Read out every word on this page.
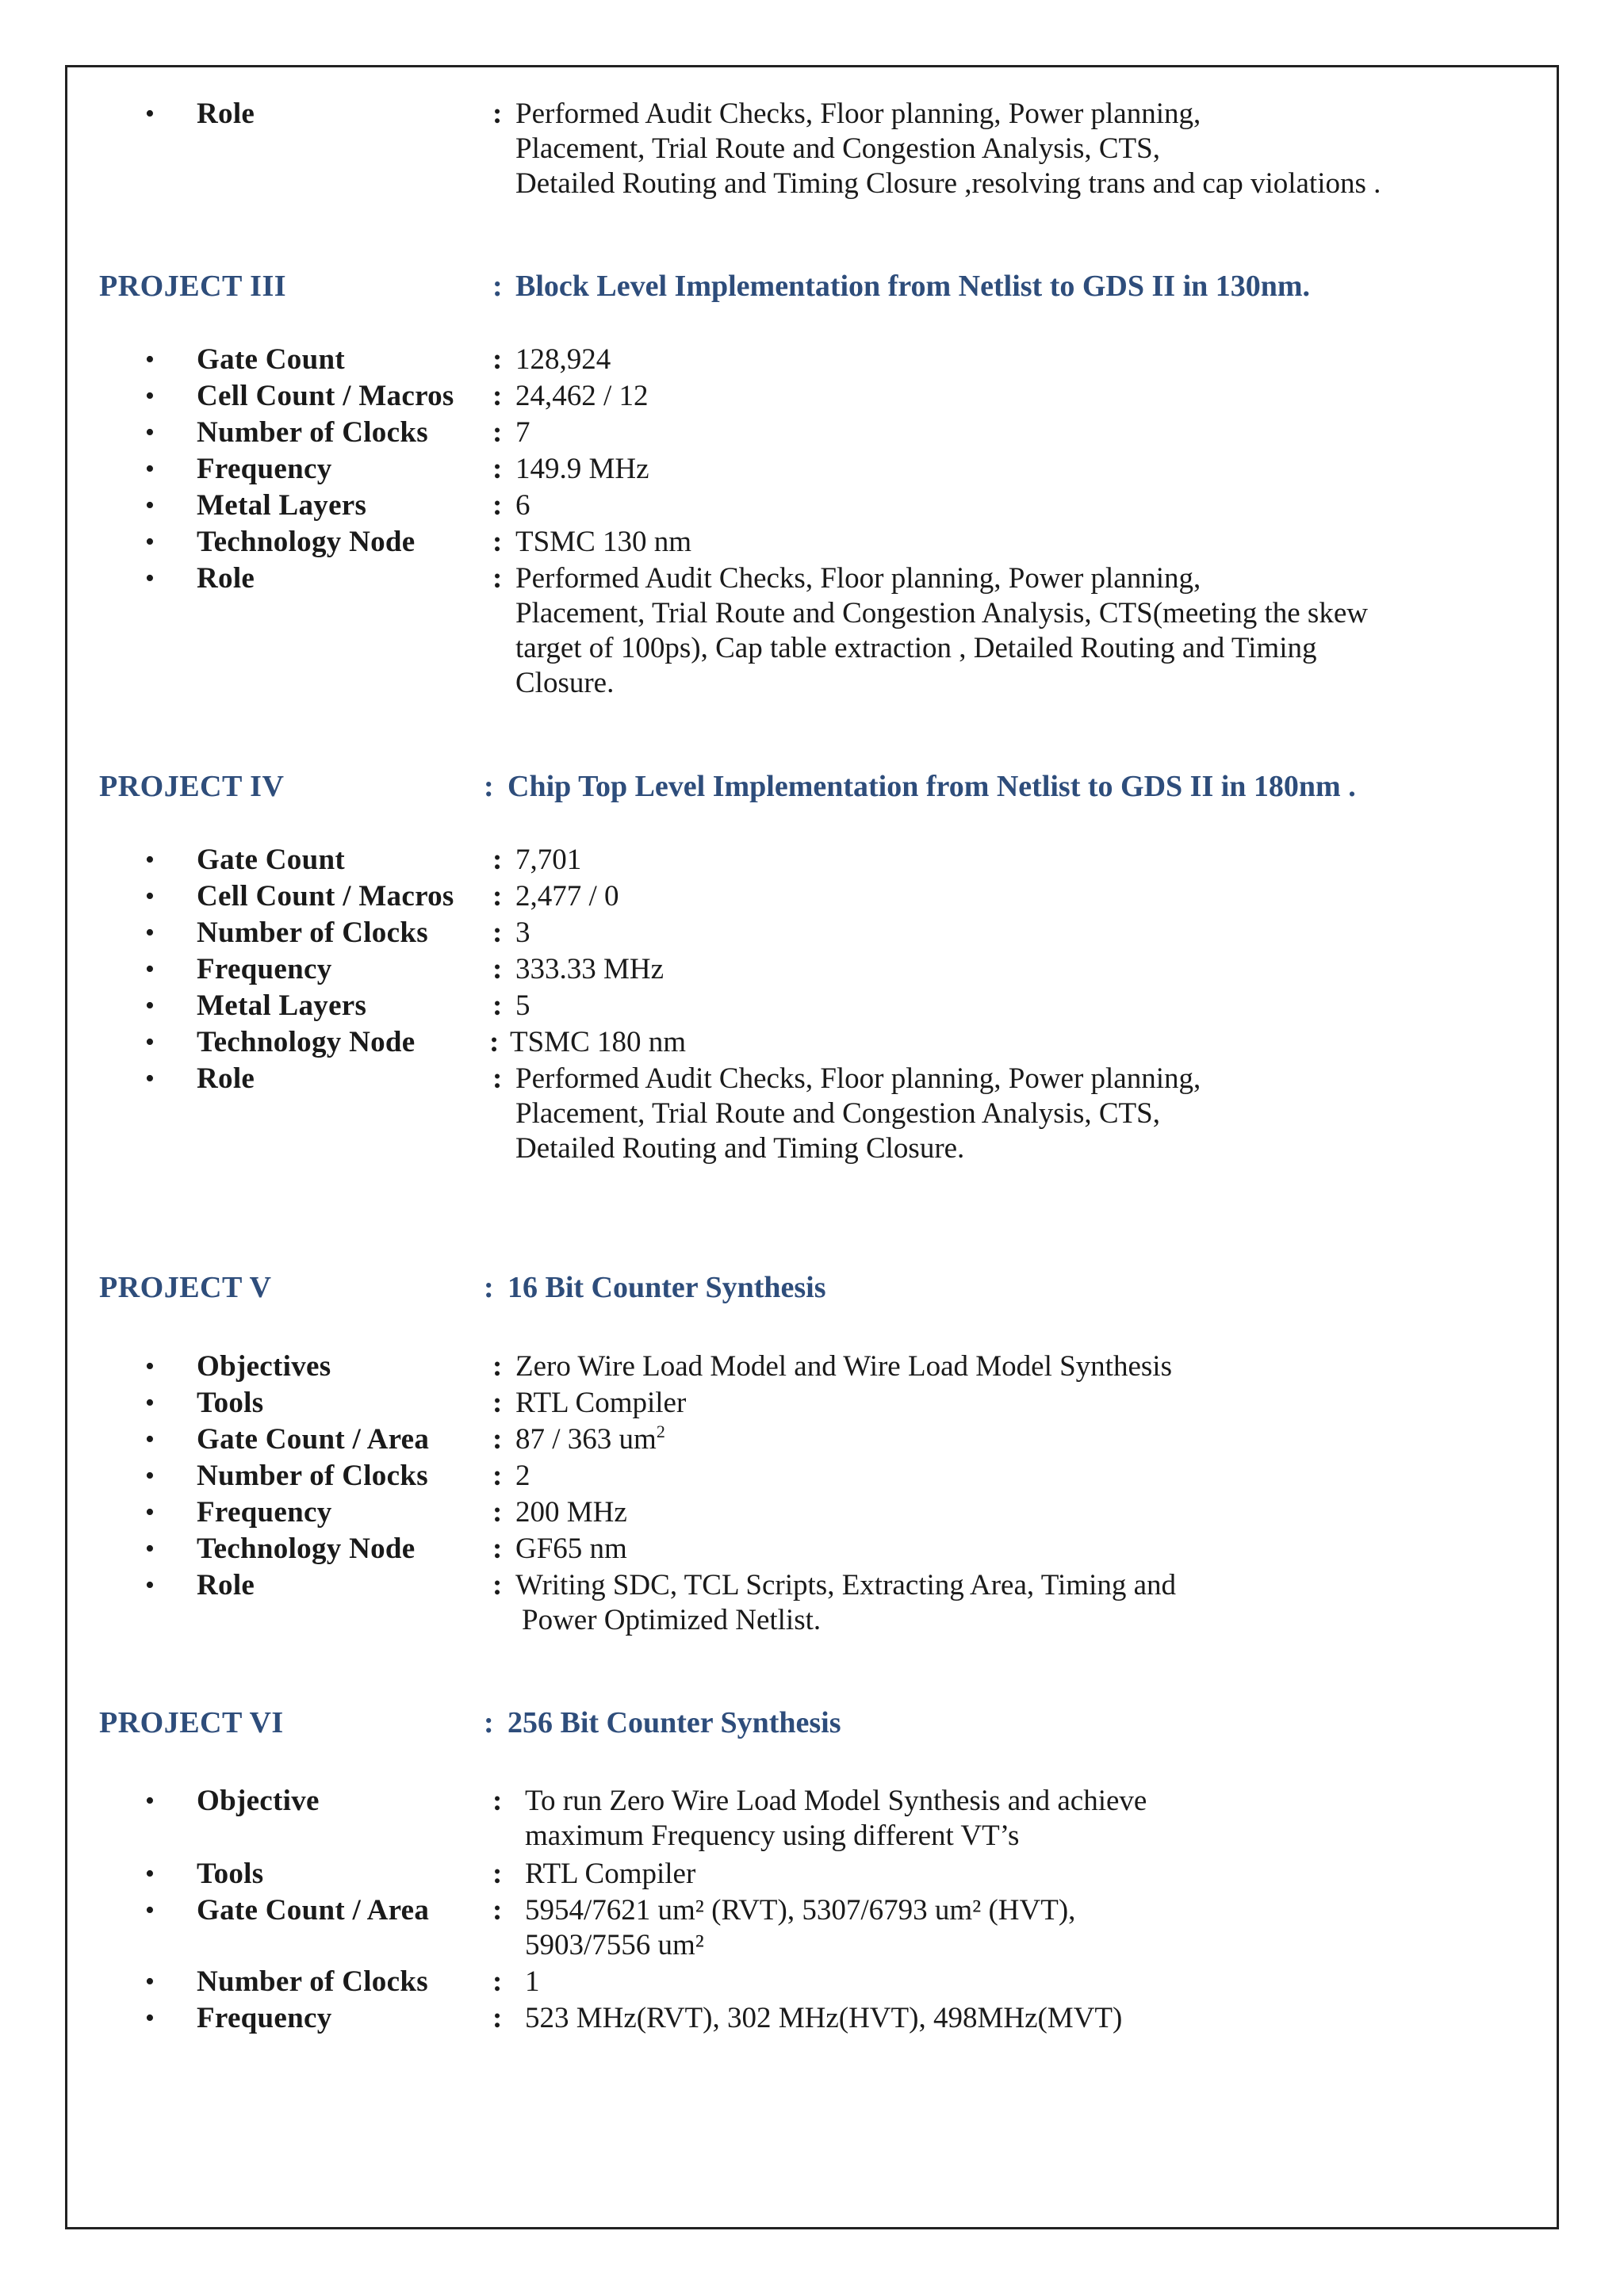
• Role	: Performed Audit Checks, Floor planning, Power planning,
Placement, Trial Route and Congestion Analysis, CTS,
Detailed Routing and Timing Closure ,resolving trans and cap violations .
PROJECT III	: Block Level Implementation from Netlist to GDS II in 130nm.
• Gate Count	: 128,924
• Cell Count / Macros : 24,462 / 12
• Number of Clocks : 7
• Frequency	: 149.9 MHz
• Metal Layers	: 6
• Technology Node	: TSMC 130 nm
• Role	: Performed Audit Checks, Floor planning, Power planning,
Placement, Trial Route and Congestion Analysis, CTS(meeting the skew
target of 100ps), Cap table extraction , Detailed Routing and Timing
Closure.
PROJECT IV	: Chip Top Level Implementation from Netlist to GDS II in 180nm .
• Gate Count	: 7,701
• Cell Count / Macros : 2,477 / 0
• Number of Clocks : 3
• Frequency	: 333.33 MHz
• Metal Layers	: 5
• Technology Node	: TSMC 180 nm
• Role	: Performed Audit Checks, Floor planning, Power planning,
Placement, Trial Route and Congestion Analysis, CTS,
Detailed Routing and Timing Closure.
PROJECT V	: 16 Bit Counter Synthesis
• Objectives	: Zero Wire Load Model and Wire Load Model Synthesis
• Tools	: RTL Compiler
• Gate Count / Area : 87 / 363 $um^2$
• Number of Clocks : 2
• Frequency	: 200 MHz
• Technology Node	: GF65 nm
• Role	: Writing SDC, TCL Scripts, Extracting Area, Timing and
Power Optimized Netlist.
PROJECT VI	: 256 Bit Counter Synthesis
• Objective	: To run Zero Wire Load Model Synthesis and achieve
maximum Frequency using different VT’s
• Tools	: RTL Compiler
• Gate Count / Area : 5954/7621 um² (RVT), 5307/6793 um² (HVT),
5903/7556 um²
• Number of Clocks : 1
• Frequency	: 523 MHz(RVT), 302 MHz(HVT), 498MHz(MVT)
